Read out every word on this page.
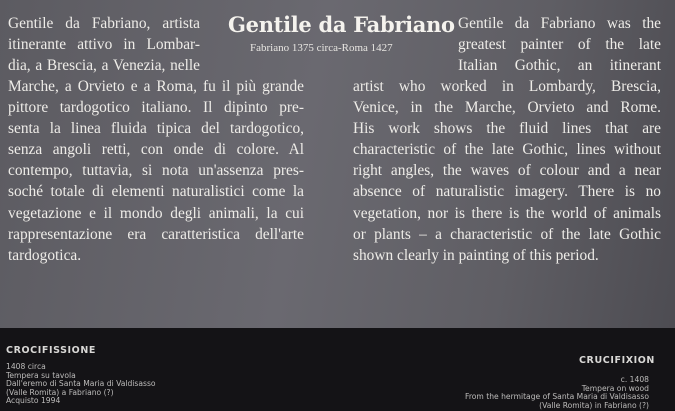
Gentile da Fabriano
Fabriano 1375 circa-Roma 1427
Gentile da Fabriano, artista
itinerante attivo in Lombar-
dia, a Brescia, a Venezia, nelle
Marche, a Orvieto e a Roma, fu il più grande
pittore tardogotico italiano. Il dipinto pre-
senta la linea fluida tipica del tardogotico,
senza angoli retti, con onde di colore. Al
contempo, tuttavia, si nota un'assenza pres-
soché totale di elementi naturalistici come la
vegetazione e il mondo degli animali, la cui
rappresentazione era caratteristica dell'arte
tardogotica.
Gentile da Fabriano was the
greatest painter of the late
Italian Gothic, an itinerant
artist who worked in Lombardy, Brescia,
Venice, in the Marche, Orvieto and Rome.
His work shows the fluid lines that are
characteristic of the late Gothic, lines without
right angles, the waves of colour and a near
absence of naturalistic imagery. There is no
vegetation, nor is there is the world of animals
or plants – a characteristic of the late Gothic
shown clearly in painting of this period.
CROCIFISSIONE
1408 circa
Tempera su tavola
Dall'eremo di Santa Maria di Valdisasso
(Valle Romita) a Fabriano (?)
Acquisto 1994
CRUCIFIXION
c. 1408
Tempera on wood
From the hermitage of Santa Maria di Valdisasso
(Valle Romita) in Fabriano (?)
